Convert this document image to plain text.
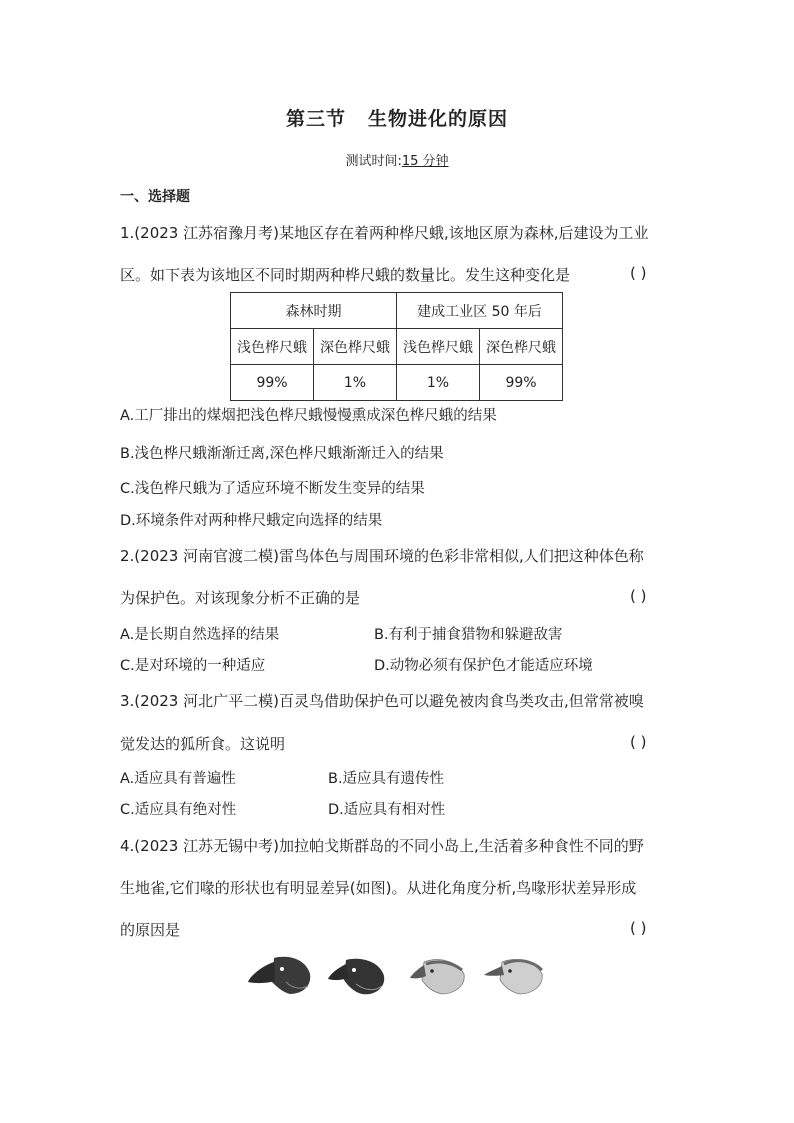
第三节 生物进化的原因
测试时间:15 分钟
一、选择题
1.(2023 江苏宿豫月考)某地区存在着两种桦尺蛾,该地区原为森林,后建设为工业
区。如下表为该地区不同时期两种桦尺蛾的数量比。发生这种变化是	( )
森林时期		建成工业区 50 年后	
浅色桦尺蛾	深色桦尺蛾	浅色桦尺蛾	深色桦尺蛾
99%	1%	1%	99%
A.工厂排出的煤烟把浅色桦尺蛾慢慢熏成深色桦尺蛾的结果
B.浅色桦尺蛾渐渐迁离,深色桦尺蛾渐渐迁入的结果
C.浅色桦尺蛾为了适应环境不断发生变异的结果
D.环境条件对两种桦尺蛾定向选择的结果
2.(2023 河南官渡二模)雷鸟体色与周围环境的色彩非常相似,人们把这种体色称
为保护色。对该现象分析不正确的是	( )
A.是长期自然选择的结果	B.有利于捕食猎物和躲避敌害
C.是对环境的一种适应	D.动物必须有保护色才能适应环境
3.(2023 河北广平二模)百灵鸟借助保护色可以避免被肉食鸟类攻击,但常常被嗅
觉发达的狐所食。这说明	( )
A.适应具有普遍性	B.适应具有遗传性
C.适应具有绝对性	D.适应具有相对性
4.(2023 江苏无锡中考)加拉帕戈斯群岛的不同小岛上,生活着多种食性不同的野
生地雀,它们喙的形状也有明显差异(如图)。从进化角度分析,鸟喙形状差异形成
的原因是	( )
